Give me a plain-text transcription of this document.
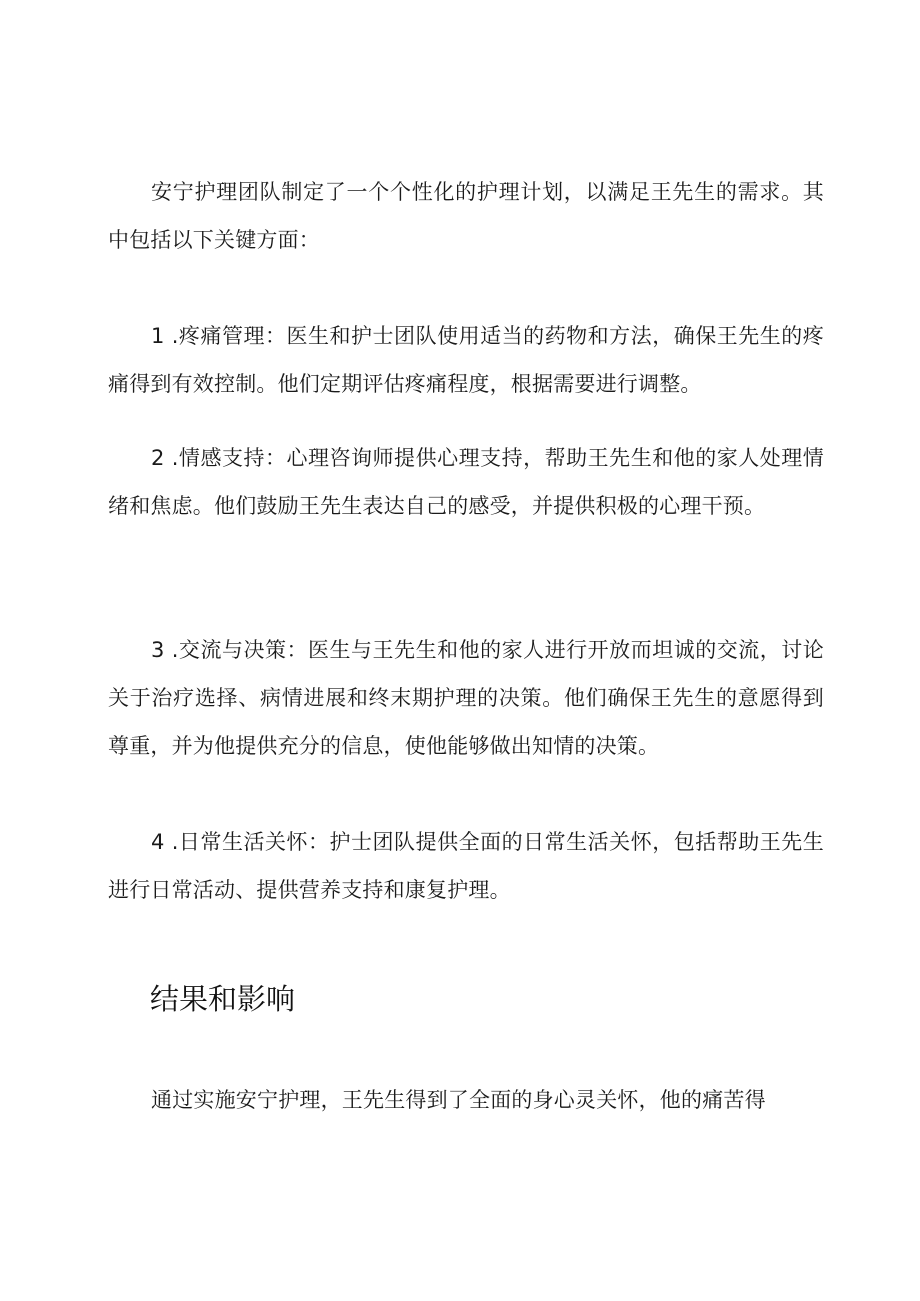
安宁护理团队制定了一个个性化的护理计划，以满足王先生的需求。其中包括以下关键方面：

1 .疼痛管理：医生和护士团队使用适当的药物和方法，确保王先生的疼痛得到有效控制。他们定期评估疼痛程度，根据需要进行调整。

2 .情感支持：心理咨询师提供心理支持，帮助王先生和他的家人处理情绪和焦虑。他们鼓励王先生表达自己的感受，并提供积极的心理干预。

3 .交流与决策：医生与王先生和他的家人进行开放而坦诚的交流，讨论关于治疗选择、病情进展和终末期护理的决策。他们确保王先生的意愿得到尊重，并为他提供充分的信息，使他能够做出知情的决策。

4 .日常生活关怀：护士团队提供全面的日常生活关怀，包括帮助王先生进行日常活动、提供营养支持和康复护理。

结果和影响

通过实施安宁护理，王先生得到了全面的身心灵关怀，他的痛苦得
